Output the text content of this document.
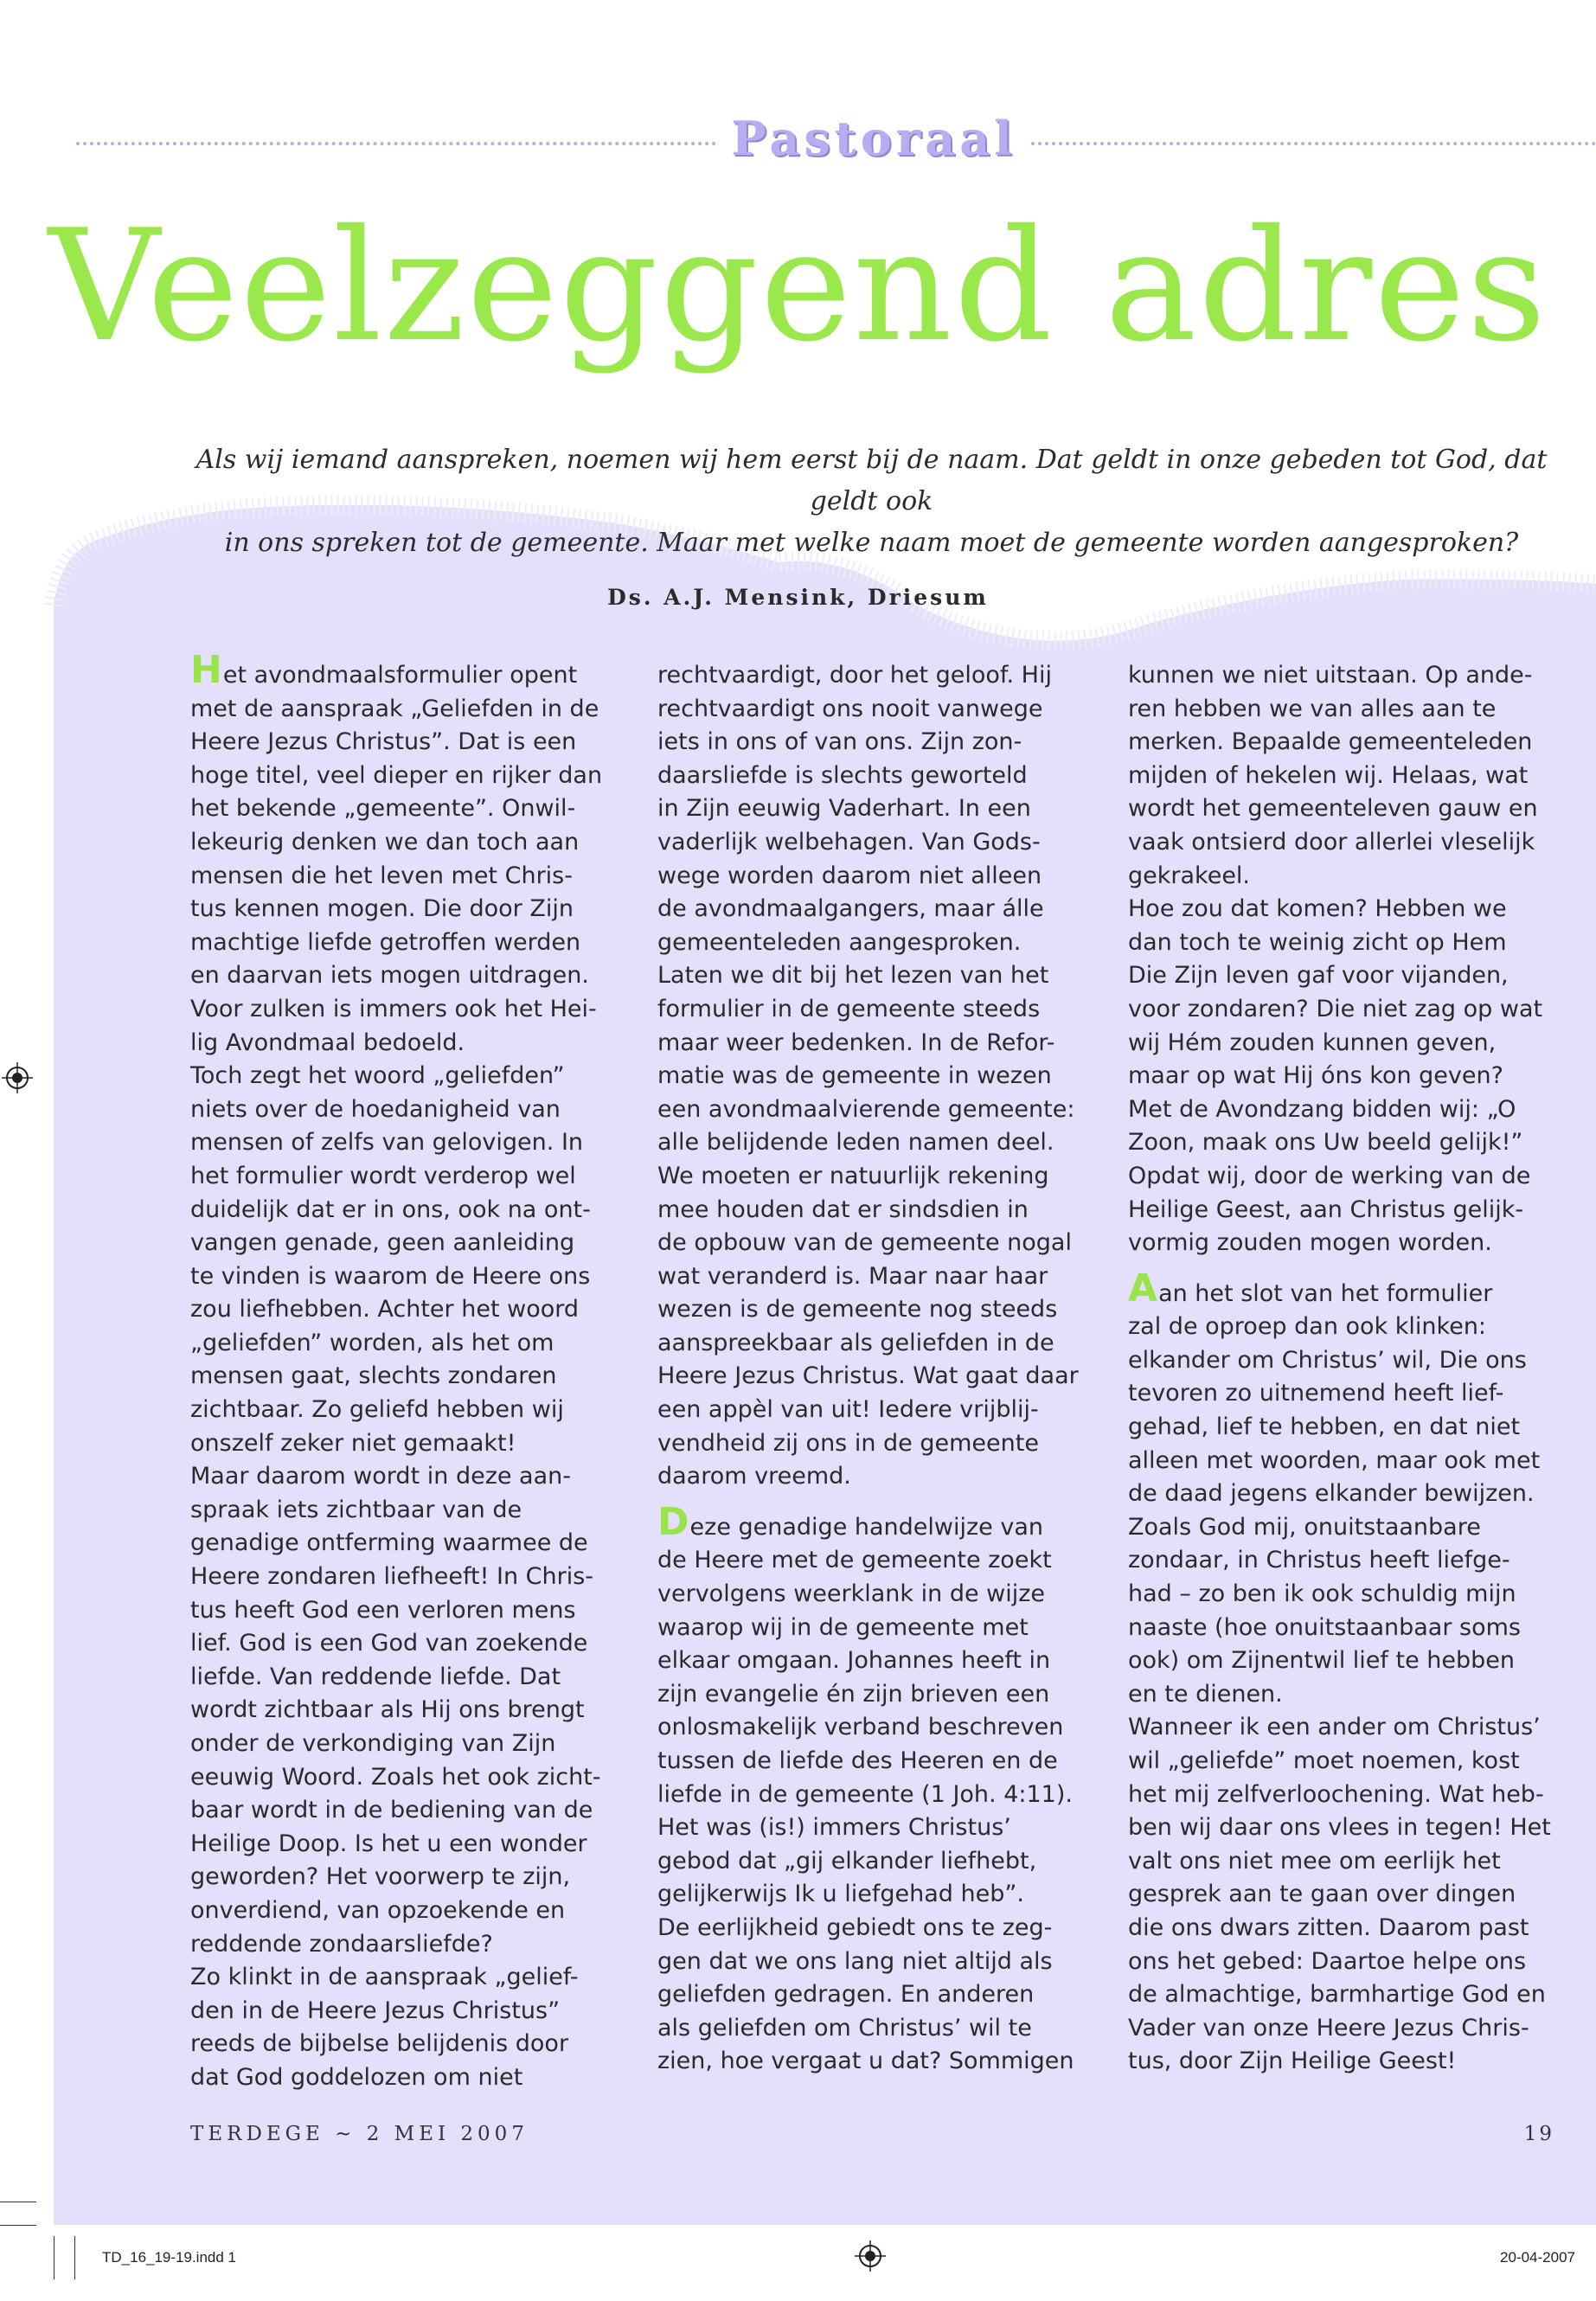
Pastoraal
Veelzeggend adres
Als wij iemand aanspreken, noemen wij hem eerst bij de naam. Dat geldt in onze gebeden tot God, dat geldt ook
in ons spreken tot de gemeente. Maar met welke naam moet de gemeente worden aangesproken?
Ds. A.J. Mensink, Driesum
Het avondmaalsformulier opent
met de aanspraak „Geliefden in de
Heere Jezus Christus”. Dat is een
hoge titel, veel dieper en rijker dan
het bekende „gemeente”. Onwil-
lekeurig denken we dan toch aan
mensen die het leven met Chris-
tus kennen mogen. Die door Zijn
machtige liefde getroffen werden
en daarvan iets mogen uitdragen.
Voor zulken is immers ook het Hei-
lig Avondmaal bedoeld.
Toch zegt het woord „geliefden”
niets over de hoedanigheid van
mensen of zelfs van gelovigen. In
het formulier wordt verderop wel
duidelijk dat er in ons, ook na ont-
vangen genade, geen aanleiding
te vinden is waarom de Heere ons
zou liefhebben. Achter het woord
„geliefden” worden, als het om
mensen gaat, slechts zondaren
zichtbaar. Zo geliefd hebben wij
onszelf zeker niet gemaakt!
Maar daarom wordt in deze aan-
spraak iets zichtbaar van de
genadige ontferming waarmee de
Heere zondaren liefheeft! In Chris-
tus heeft God een verloren mens
lief. God is een God van zoekende
liefde. Van reddende liefde. Dat
wordt zichtbaar als Hij ons brengt
onder de verkondiging van Zijn
eeuwig Woord. Zoals het ook zicht-
baar wordt in de bediening van de
Heilige Doop. Is het u een wonder
geworden? Het voorwerp te zijn,
onverdiend, van opzoekende en
reddende zondaarsliefde?
Zo klinkt in de aanspraak „gelief-
den in de Heere Jezus Christus”
reeds de bijbelse belijdenis door
dat God goddelozen om niet
rechtvaardigt, door het geloof. Hij
rechtvaardigt ons nooit vanwege
iets in ons of van ons. Zijn zon-
daarsliefde is slechts geworteld
in Zijn eeuwig Vaderhart. In een
vaderlijk welbehagen. Van Gods-
wege worden daarom niet alleen
de avondmaalgangers, maar álle
gemeenteleden aangesproken.
Laten we dit bij het lezen van het
formulier in de gemeente steeds
maar weer bedenken. In de Refor-
matie was de gemeente in wezen
een avondmaalvierende gemeente:
alle belijdende leden namen deel.
We moeten er natuurlijk rekening
mee houden dat er sindsdien in
de opbouw van de gemeente nogal
wat veranderd is. Maar naar haar
wezen is de gemeente nog steeds
aanspreekbaar als geliefden in de
Heere Jezus Christus. Wat gaat daar
een appèl van uit! Iedere vrijblij-
vendheid zij ons in de gemeente
daarom vreemd.
Deze genadige handelwijze van
de Heere met de gemeente zoekt
vervolgens weerklank in de wijze
waarop wij in de gemeente met
elkaar omgaan. Johannes heeft in
zijn evangelie én zijn brieven een
onlosmakelijk verband beschreven
tussen de liefde des Heeren en de
liefde in de gemeente (1 Joh. 4:11).
Het was (is!) immers Christus’
gebod dat „gij elkander liefhebt,
gelijkerwijs Ik u liefgehad heb”.
De eerlijkheid gebiedt ons te zeg-
gen dat we ons lang niet altijd als
geliefden gedragen. En anderen
als geliefden om Christus’ wil te
zien, hoe vergaat u dat? Sommigen
kunnen we niet uitstaan. Op ande-
ren hebben we van alles aan te
merken. Bepaalde gemeenteleden
mijden of hekelen wij. Helaas, wat
wordt het gemeenteleven gauw en
vaak ontsierd door allerlei vleselijk
gekrakeel.
Hoe zou dat komen? Hebben we
dan toch te weinig zicht op Hem
Die Zijn leven gaf voor vijanden,
voor zondaren? Die niet zag op wat
wij Hém zouden kunnen geven,
maar op wat Hij óns kon geven?
Met de Avondzang bidden wij: „O
Zoon, maak ons Uw beeld gelijk!”
Opdat wij, door de werking van de
Heilige Geest, aan Christus gelijk-
vormig zouden mogen worden.
Aan het slot van het formulier
zal de oproep dan ook klinken:
elkander om Christus’ wil, Die ons
tevoren zo uitnemend heeft lief-
gehad, lief te hebben, en dat niet
alleen met woorden, maar ook met
de daad jegens elkander bewijzen.
Zoals God mij, onuitstaanbare
zondaar, in Christus heeft liefge-
had – zo ben ik ook schuldig mijn
naaste (hoe onuitstaanbaar soms
ook) om Zijnentwil lief te hebben
en te dienen.
Wanneer ik een ander om Christus’
wil „geliefde” moet noemen, kost
het mij zelfverloochening. Wat heb-
ben wij daar ons vlees in tegen! Het
valt ons niet mee om eerlijk het
gesprek aan te gaan over dingen
die ons dwars zitten. Daarom past
ons het gebed: Daartoe helpe ons
de almachtige, barmhartige God en
Vader van onze Heere Jezus Chris-
tus, door Zijn Heilige Geest!
TERDEGE ~ 2 MEI 2007	19
TD_16_19-19.indd 1	20-04-2007
